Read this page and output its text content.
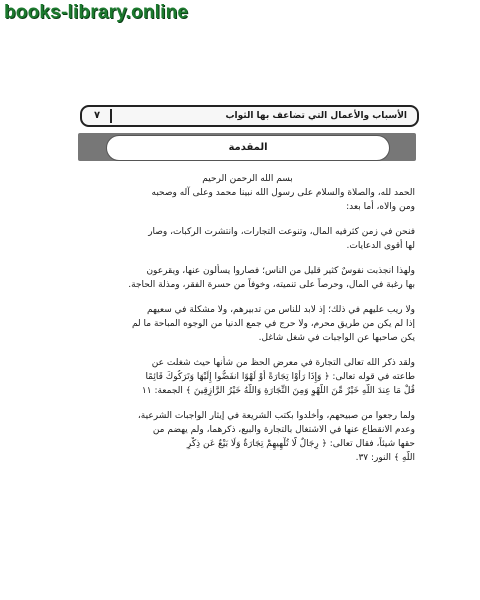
books-library.online
٧	الأسباب والأعمال التي تضاعف بها الثواب
المقدمة

بسم الله الرحمن الرحيم

الحمد لله، والصلاة والسلام على رسول الله نبينا محمد وعلى آله وصحبه

ومن والاه، أما بعد:

فنحن في زمن كثرفيه المال، وتنوعت التجارات، وانتشرت الركبات، وصار

لها أقوى الدعايات.

ولهذا انجذبت نفوسٌ كثير قليل من الناس؛ فصاروا يسألون عنها، ويقرعون

بها رغبة في المال، وحرصاً على تنميته، وخوفاً من حسرة الفقر، ومذلة الحاجة.

ولا ريب عليهم في ذلك؛ إذ لابد للناس من تدبيرهم، ولا مشكلة في سعيهم

إذا لم يكن من طريق محرم، ولا حرج في جمع الدنيا من الوجوه المباحة ما لم

يكن صاحبها عن الواجبات في شغل شاغل.

ولقد ذكر الله تعالى التجارة في معرض الحظ من شأنها حيث شغلت عن

طاعته في قوله تعالى: ﴿ وَإِذَا رَأَوْا تِجَارَةً أَوْ لَهْوًا انفَضُّوا إِلَيْهَا وَتَرَكُوكَ قَائِمًا

قُلْ مَا عِندَ اللَّهِ خَيْرٌ مِّنَ اللَّهْوِ وَمِنَ التِّجَارَةِ وَاللَّهُ خَيْرُ الرَّازِقِينَ ﴾ الجمعة: ١١

ولما رجعوا من صبيحهم، وأخلدوا بكتب الشريعة في إيثار الواجبات الشرعية،

وعدم الانقطاع عنها في الاشتغال بالتجارة والبيع، ذكرهما، ولم يهضم من

حقها شيئاً، فقال تعالى: ﴿ رِجَالٌ لَّا تُلْهِيهِمْ تِجَارَةٌ وَلَا بَيْعٌ عَن ذِكْرِ

اللَّهِ ﴾ النور: ٣٧.
